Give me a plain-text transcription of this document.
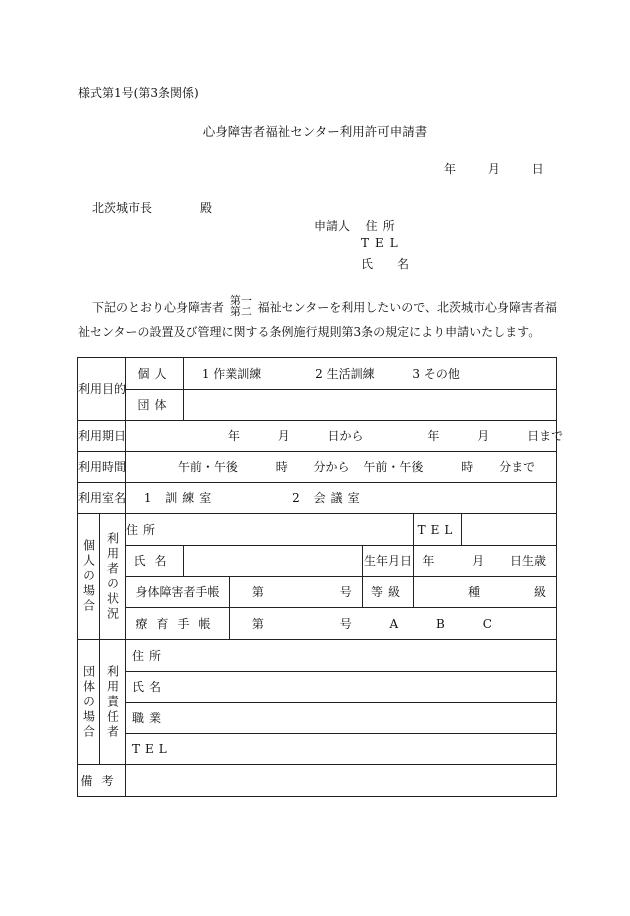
様式第1号(第3条関係)
心身障害者福祉センター利用許可申請書
年	月	日
北茨城市長	殿
申請人 住所
TEL
氏 名
下記のとおり心身障害者 第一
第二 福祉センターを利用したいので、北茨城市心身障害者福
祉センターの設置及び管理に関する条例施行規則第3条の規定により申請いたします。
利用目的		個人		1 作業訓練 2 生活訓練 3 その他				
		団体						
利用期日		年 月 日から 年 月 日まで						
利用時間		午前・午後 時 分から 午前・午後 時 分まで						
利用室名		1 訓練室 2 会議室						

個人の場合	利用者の状況	住所					TEL	
		氏名				生年月日	年 月 日生歳	
		身体障害者手帳			第 号	等級	種 級	
		療育手帳			第 号 A B C			

団体の場合	利用責任者	住所						
		氏名						
		職業						
		TEL						
備考								
